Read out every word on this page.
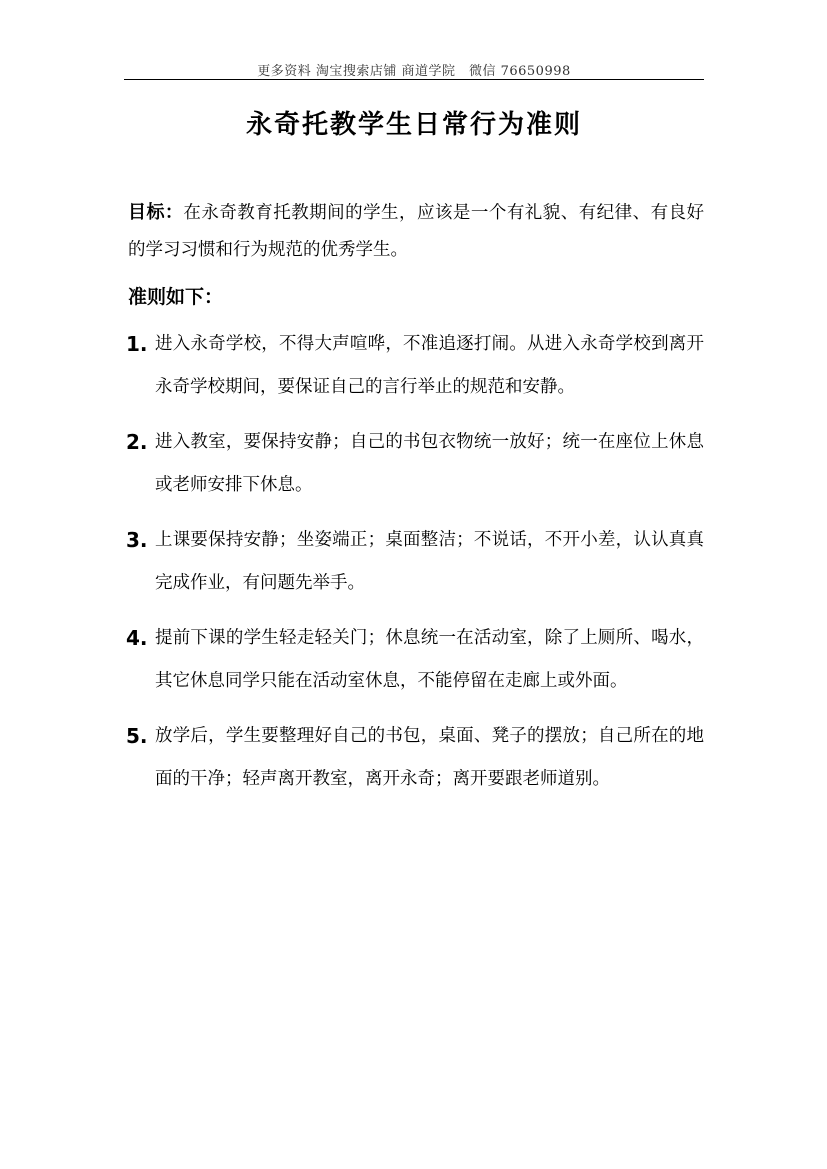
更多资料 淘宝搜索店铺 商道学院　微信 76650998
永奇托教学生日常行为准则

目标：在永奇教育托教期间的学生，应该是一个有礼貌、有纪律、有良好的学习习惯和行为规范的优秀学生。

准则如下：
1. 进入永奇学校，不得大声喧哗，不准追逐打闹。从进入永奇学校到离开永奇学校期间，要保证自己的言行举止的规范和安静。
2. 进入教室，要保持安静；自己的书包衣物统一放好；统一在座位上休息或老师安排下休息。
3. 上课要保持安静；坐姿端正；桌面整洁；不说话，不开小差，认认真真完成作业，有问题先举手。
4. 提前下课的学生轻走轻关门；休息统一在活动室，除了上厕所、喝水，其它休息同学只能在活动室休息，不能停留在走廊上或外面。
5. 放学后，学生要整理好自己的书包，桌面、凳子的摆放；自己所在的地面的干净；轻声离开教室，离开永奇；离开要跟老师道别。
